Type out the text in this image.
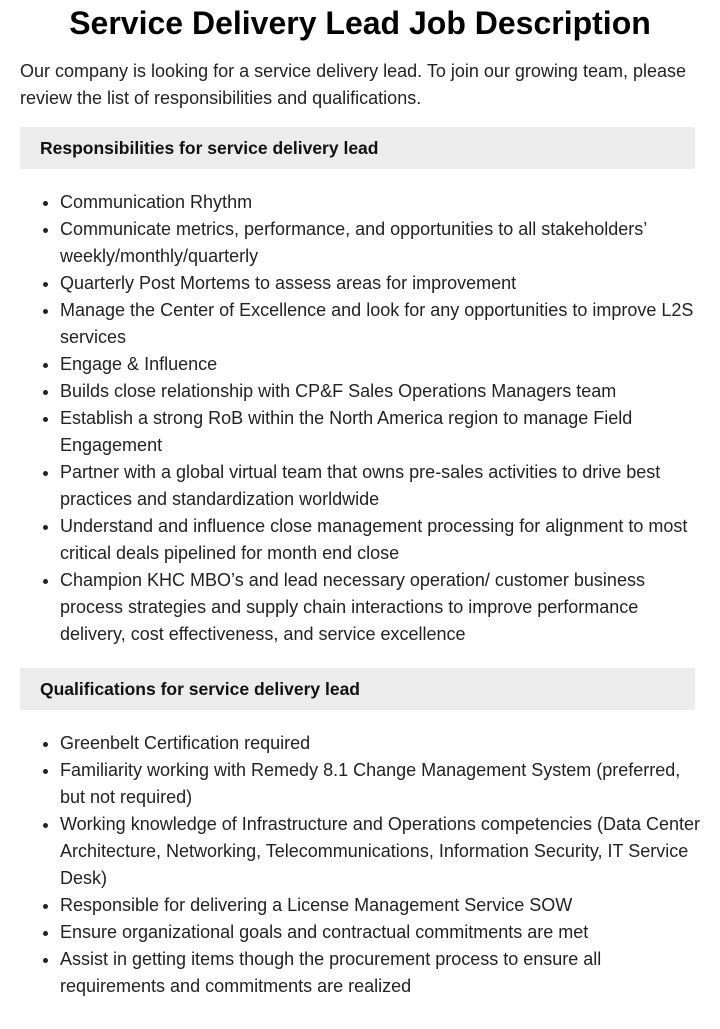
Service Delivery Lead Job Description

Our company is looking for a service delivery lead. To join our growing team, please review the list of responsibilities and qualifications.

Responsibilities for service delivery lead
• Communication Rhythm
• Communicate metrics, performance, and opportunities to all stakeholders’ weekly/monthly/quarterly
• Quarterly Post Mortems to assess areas for improvement
• Manage the Center of Excellence and look for any opportunities to improve L2S services
• Engage & Influence
• Builds close relationship with CP&F Sales Operations Managers team
• Establish a strong RoB within the North America region to manage Field Engagement
• Partner with a global virtual team that owns pre-sales activities to drive best practices and standardization worldwide
• Understand and influence close management processing for alignment to most critical deals pipelined for month end close
• Champion KHC MBO’s and lead necessary operation/ customer business process strategies and supply chain interactions to improve performance delivery, cost effectiveness, and service excellence
Qualifications for service delivery lead
• Greenbelt Certification required
• Familiarity working with Remedy 8.1 Change Management System (preferred, but not required)
• Working knowledge of Infrastructure and Operations competencies (Data Center Architecture, Networking, Telecommunications, Information Security, IT Service Desk)
• Responsible for delivering a License Management Service SOW
• Ensure organizational goals and contractual commitments are met
• Assist in getting items though the procurement process to ensure all requirements and commitments are realized
